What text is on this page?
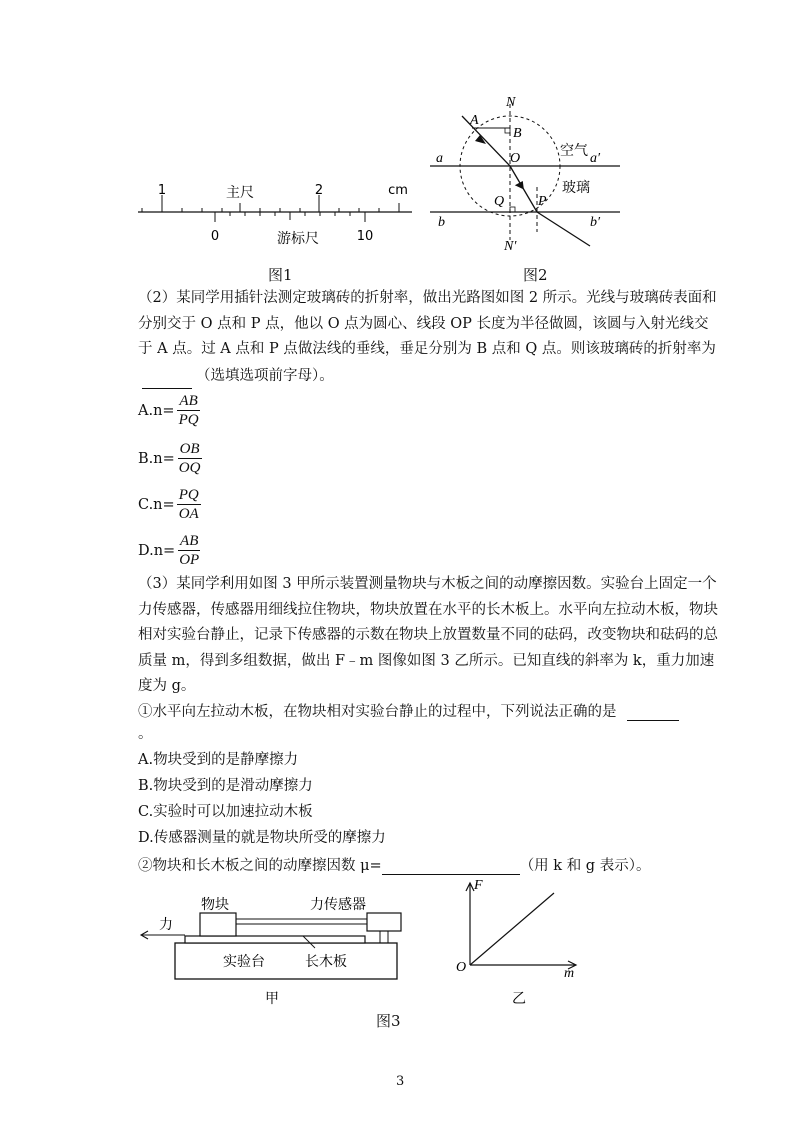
1	主尺	2	cm
0	游标尺	10
图1
N
A
B
O
a	a′
空气
玻璃
Q P
b	b′
N′
图2
（2）某同学用插针法测定玻璃砖的折射率，做出光路图如图 2 所示。光线与玻璃砖表面和分别交于 O 点和 P 点，他以 O 点为圆心、线段 OP 长度为半径做圆，该圆与入射光线交于 A 点。过 A 点和 P 点做法线的垂线，垂足分别为 B 点和 Q 点。则该玻璃砖的折射率为  （选填选项前字母）。
$A.n= \frac{AB}{PQ}$
$B.n= \frac{OB}{OQ}$
$C.n= \frac{PQ}{OA}$
$D.n= \frac{AB}{OP}$
（3）某同学利用如图 3 甲所示装置测量物块与木板之间的动摩擦因数。实验台上固定一个力传感器，传感器用细线拉住物块，物块放置在水平的长木板上。水平向左拉动木板，物块相对实验台静止，记录下传感器的示数在物块上放置数量不同的砝码，改变物块和砝码的总质量 m，得到多组数据，做出 F﹣m 图像如图 3 乙所示。已知直线的斜率为 k，重力加速度为 g。
①水平向左拉动木板，在物块相对实验台静止的过程中，下列说法正确的是
。
A.物块受到的是静摩擦力
B.物块受到的是滑动摩擦力
C.实验时可以加速拉动木板
D.传感器测量的就是物块所受的摩擦力
②物块和长木板之间的动摩擦因数 μ=	（用 k 和 g 表示）。
物块	力传感器
力
实验台	长木板
甲
F
O	m
乙
图3
3
